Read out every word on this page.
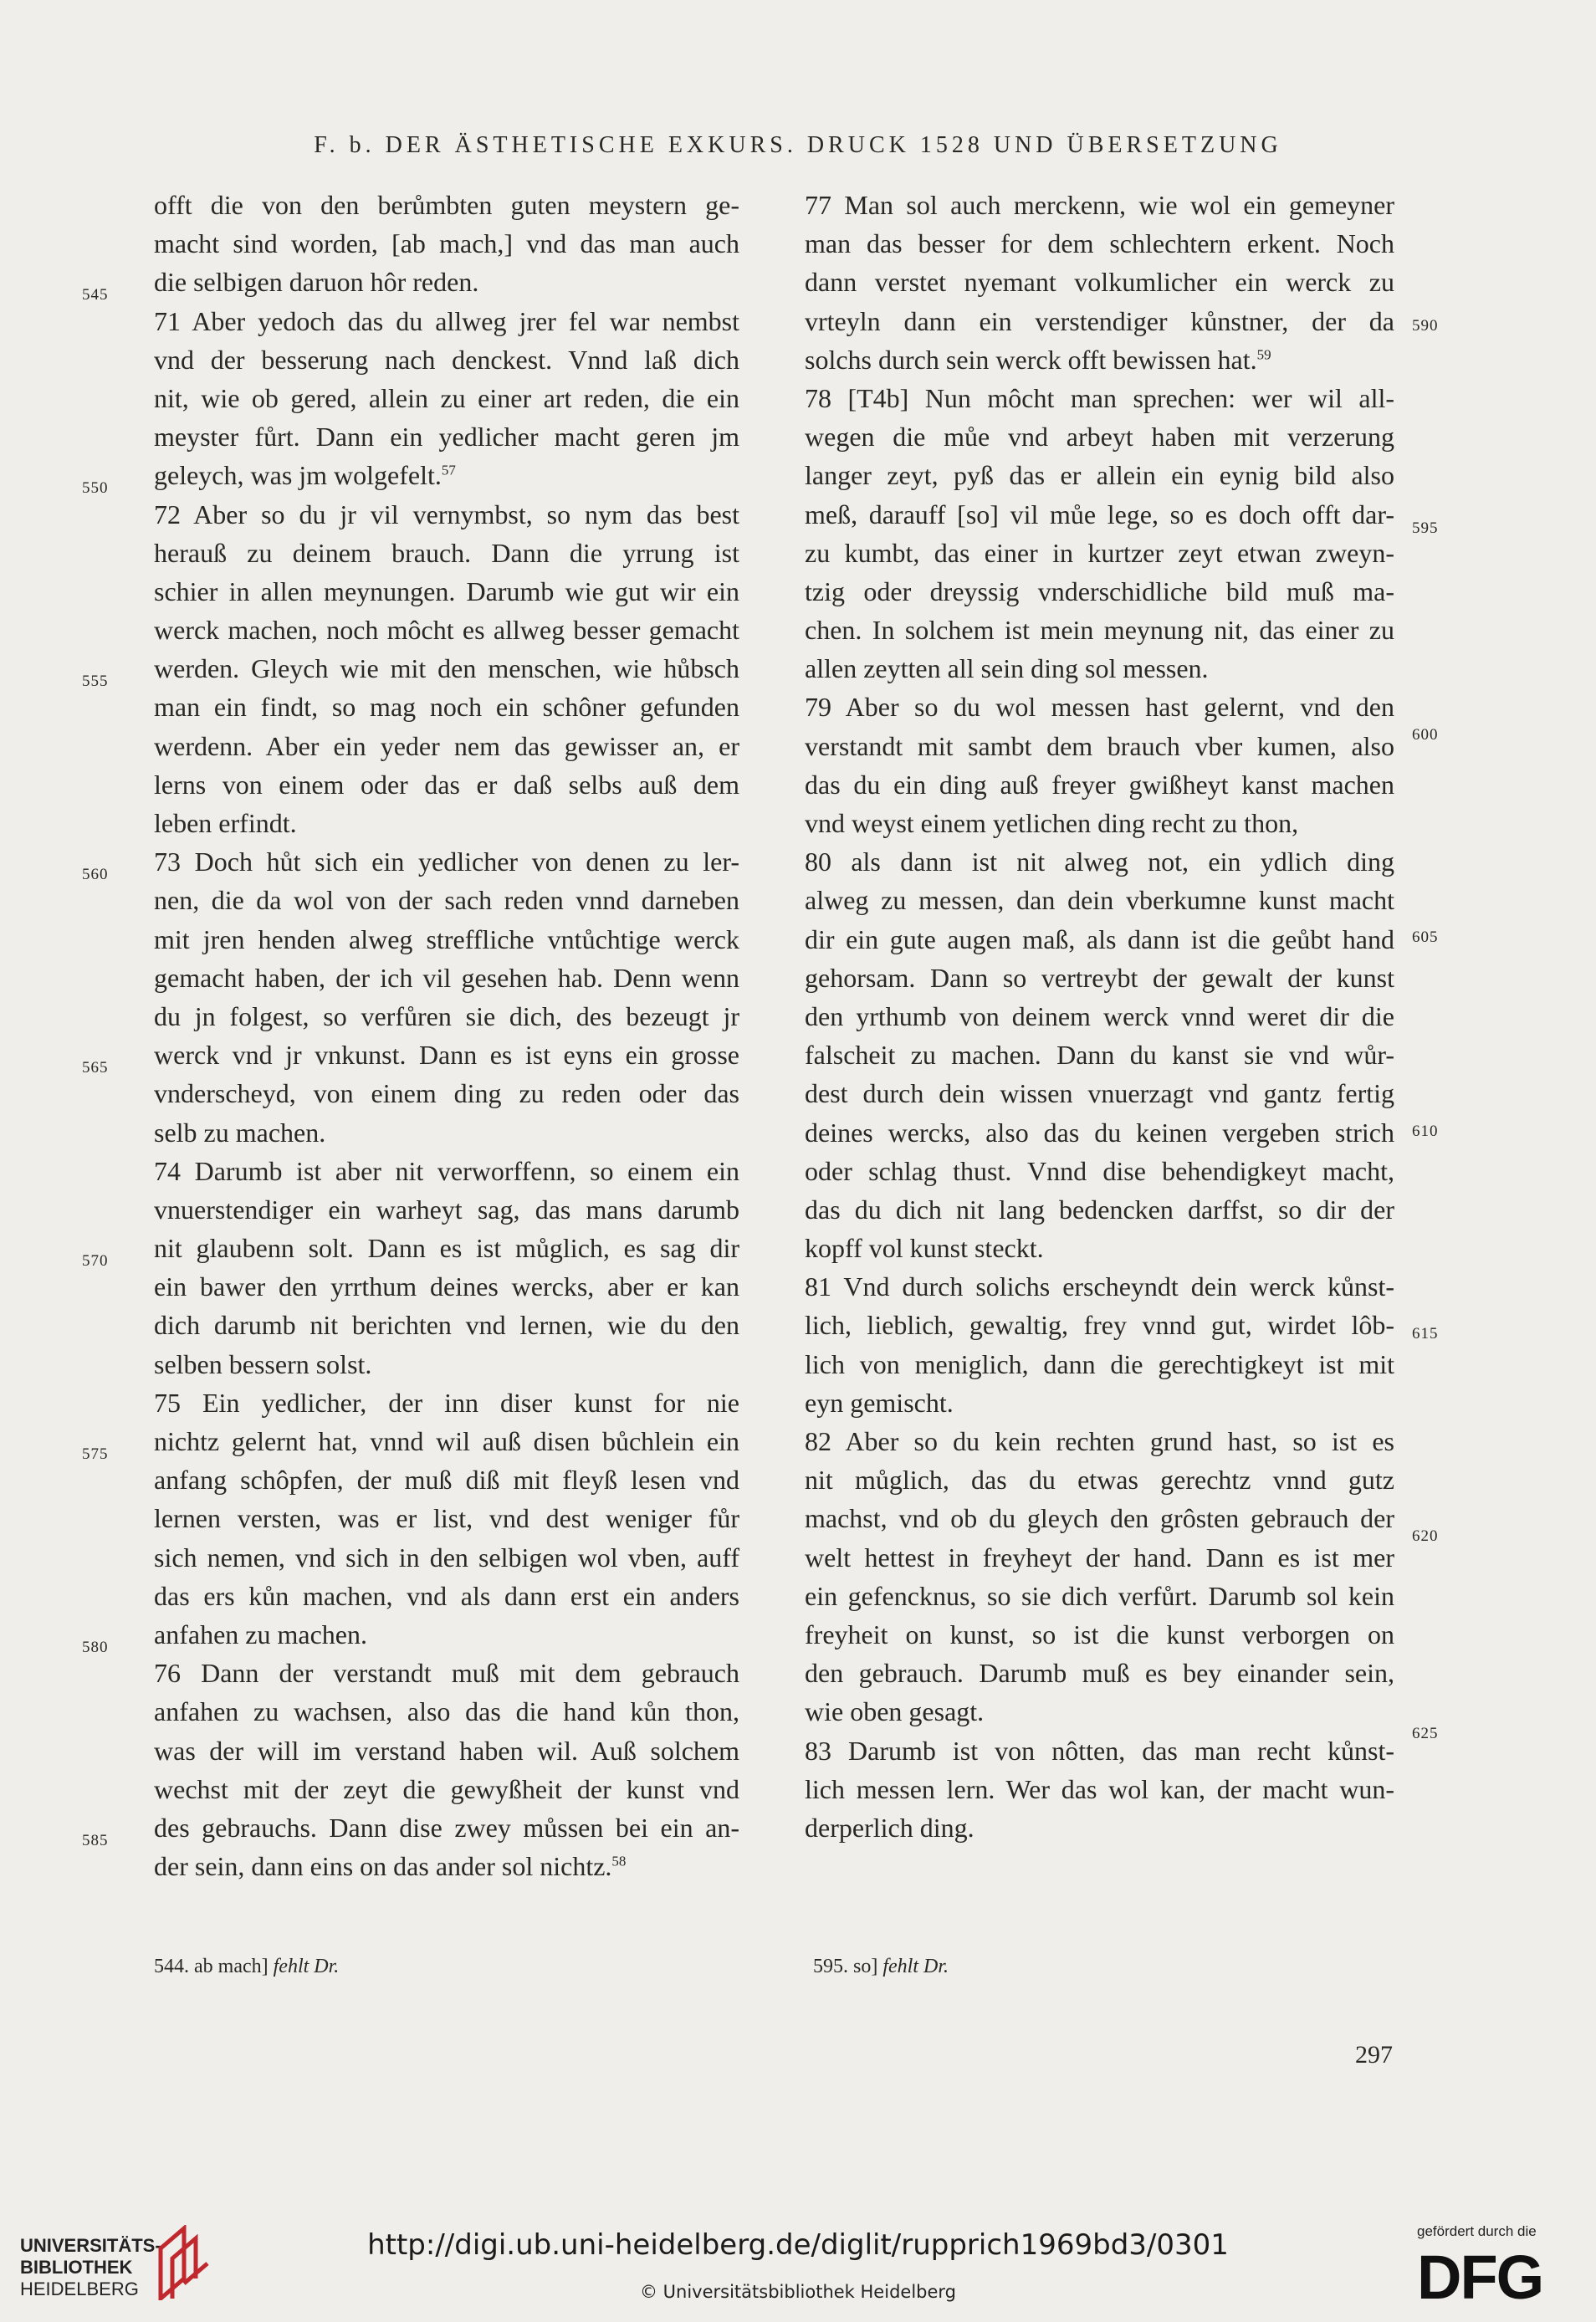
F. b. DER ÄSTHETISCHE EXKURS. DRUCK 1528 UND ÜBERSETZUNG
offt die von den berůmbten guten meystern ge-
macht sind worden, [ab mach,] vnd das man auch
die selbigen daruon hôr reden.
71 Aber yedoch das du allweg jrer fel war nembst
vnd der besserung nach denckest. Vnnd laß dich
nit, wie ob gered, allein zu einer art reden, die ein
meyster fůrt. Dann ein yedlicher macht geren jm
geleych, was jm wolgefelt.$^{57}$
72 Aber so du jr vil vernymbst, so nym das best
herauß zu deinem brauch. Dann die yrrung ist
schier in allen meynungen. Darumb wie gut wir ein
werck machen, noch môcht es allweg besser gemacht
werden. Gleych wie mit den menschen, wie hůbsch
man ein findt, so mag noch ein schôner gefunden
werdenn. Aber ein yeder nem das gewisser an, er
lerns von einem oder das er daß selbs auß dem
leben erfindt.
73 Doch hůt sich ein yedlicher von denen zu ler-
nen, die da wol von der sach reden vnnd darneben
mit jren henden alweg streffliche vntůchtige werck
gemacht haben, der ich vil gesehen hab. Denn wenn
du jn folgest, so verfůren sie dich, des bezeugt jr
werck vnd jr vnkunst. Dann es ist eyns ein grosse
vnderscheyd, von einem ding zu reden oder das
selb zu machen.
74 Darumb ist aber nit verworffenn, so einem ein
vnuerstendiger ein warheyt sag, das mans darumb
nit glaubenn solt. Dann es ist můglich, es sag dir
ein bawer den yrrthum deines wercks, aber er kan
dich darumb nit berichten vnd lernen, wie du den
selben bessern solst.
75 Ein yedlicher, der inn diser kunst for nie
nichtz gelernt hat, vnnd wil auß disen bůchlein ein
anfang schôpfen, der muß diß mit fleyß lesen vnd
lernen versten, was er list, vnd dest weniger fůr
sich nemen, vnd sich in den selbigen wol vben, auff
das ers kůn machen, vnd als dann erst ein anders
anfahen zu machen.
76 Dann der verstandt muß mit dem gebrauch
anfahen zu wachsen, also das die hand kůn thon,
was der will im verstand haben wil. Auß solchem
wechst mit der zeyt die gewyßheit der kunst vnd
des gebrauchs. Dann dise zwey můssen bei ein an-
der sein, dann eins on das ander sol nichtz.$^{58}$
545
550
555
560
565
570
575
580
585
77 Man sol auch merckenn, wie wol ein gemeyner
man das besser for dem schlechtern erkent. Noch
dann verstet nyemant volkumlicher ein werck zu
vrteyln dann ein verstendiger kůnstner, der da
solchs durch sein werck offt bewissen hat.$^{59}$
78 [T4b] Nun môcht man sprechen: wer wil all-
wegen die můe vnd arbeyt haben mit verzerung
langer zeyt, pyß das er allein ein eynig bild also
meß, darauff [so] vil můe lege, so es doch offt dar-
zu kumbt, das einer in kurtzer zeyt etwan zweyn-
tzig oder dreyssig vnderschidliche bild muß ma-
chen. In solchem ist mein meynung nit, das einer zu
allen zeytten all sein ding sol messen.
79 Aber so du wol messen hast gelernt, vnd den
verstandt mit sambt dem brauch vber kumen, also
das du ein ding auß freyer gwißheyt kanst machen
vnd weyst einem yetlichen ding recht zu thon,
80 als dann ist nit alweg not, ein ydlich ding
alweg zu messen, dan dein vberkumne kunst macht
dir ein gute augen maß, als dann ist die geůbt hand
gehorsam. Dann so vertreybt der gewalt der kunst
den yrthumb von deinem werck vnnd weret dir die
falscheit zu machen. Dann du kanst sie vnd wůr-
dest durch dein wissen vnuerzagt vnd gantz fertig
deines wercks, also das du keinen vergeben strich
oder schlag thust. Vnnd dise behendigkeyt macht,
das du dich nit lang bedencken darffst, so dir der
kopff vol kunst steckt.
81 Vnd durch solichs erscheyndt dein werck kůnst-
lich, lieblich, gewaltig, frey vnnd gut, wirdet lôb-
lich von meniglich, dann die gerechtigkeyt ist mit
eyn gemischt.
82 Aber so du kein rechten grund hast, so ist es
nit můglich, das du etwas gerechtz vnnd gutz
machst, vnd ob du gleych den grôsten gebrauch der
welt hettest in freyheyt der hand. Dann es ist mer
ein gefencknus, so sie dich verfůrt. Darumb sol kein
freyheit on kunst, so ist die kunst verborgen on
den gebrauch. Darumb muß es bey einander sein,
wie oben gesagt.
83 Darumb ist von nôtten, das man recht kůnst-
lich messen lern. Wer das wol kan, der macht wun-
derperlich ding.
590
595
600
605
610
615
620
625
544. ab mach] fehlt Dr.	595. so] fehlt Dr.
297
UNIVERSITÄTS-
BIBLIOTHEK
HEIDELBERG
http://digi.ub.uni-heidelberg.de/diglit/rupprich1969bd3/0301
© Universitätsbibliothek Heidelberg
gefördert durch die
DFG
